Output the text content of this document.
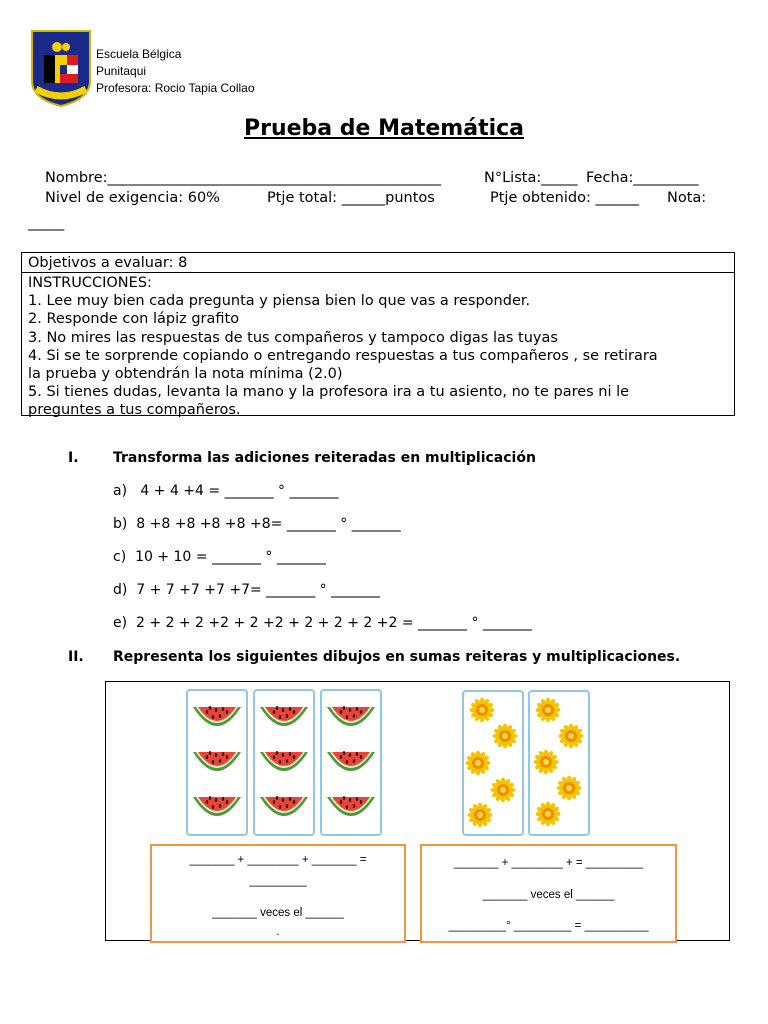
Escuela Bélgica
Punitaqui
Profesora: Rocio Tapia Collao
Prueba de Matemática
Nombre:______________________________________________	N°Lista:_____ Fecha:_________
Nivel de exigencia: 60%	Ptje total: ______puntos	Ptje obtenido: ______ Nota:
_____
Objetivos a evaluar: 8
INSTRUCCIONES:
1. Lee muy bien cada pregunta y piensa bien lo que vas a responder.
2. Responde con lápiz grafito
3. No mires las respuestas de tus compañeros y tampoco digas las tuyas
4. Si se te sorprende copiando o entregando respuestas a tus compañeros , se retirara
la prueba y obtendrán la nota mínima (2.0)
5. Si tienes dudas, levanta la mano y la profesora ira a tu asiento, no te pares ni le
preguntes a tus compañeros.
I. Transforma las adiciones reiteradas en multiplicación
a)   4 + 4 +4 = _______ ° _______
b) 8 +8 +8 +8 +8 +8= _______ ° _______
c) 10 + 10 = _______ ° _______
d) 7 + 7 +7 +7 +7= _______ ° _______
e) 2 + 2 + 2 +2 + 2 +2 + 2 + 2 + 2 +2 = _______ ° _______
II. Representa los siguientes dibujos en sumas reiteras y multiplicaciones.
_______ + ________ + _______ =
_________
_______ veces el ______
.
_______ + ________ + = _________
_______ veces el ______
_________° _________ = __________
